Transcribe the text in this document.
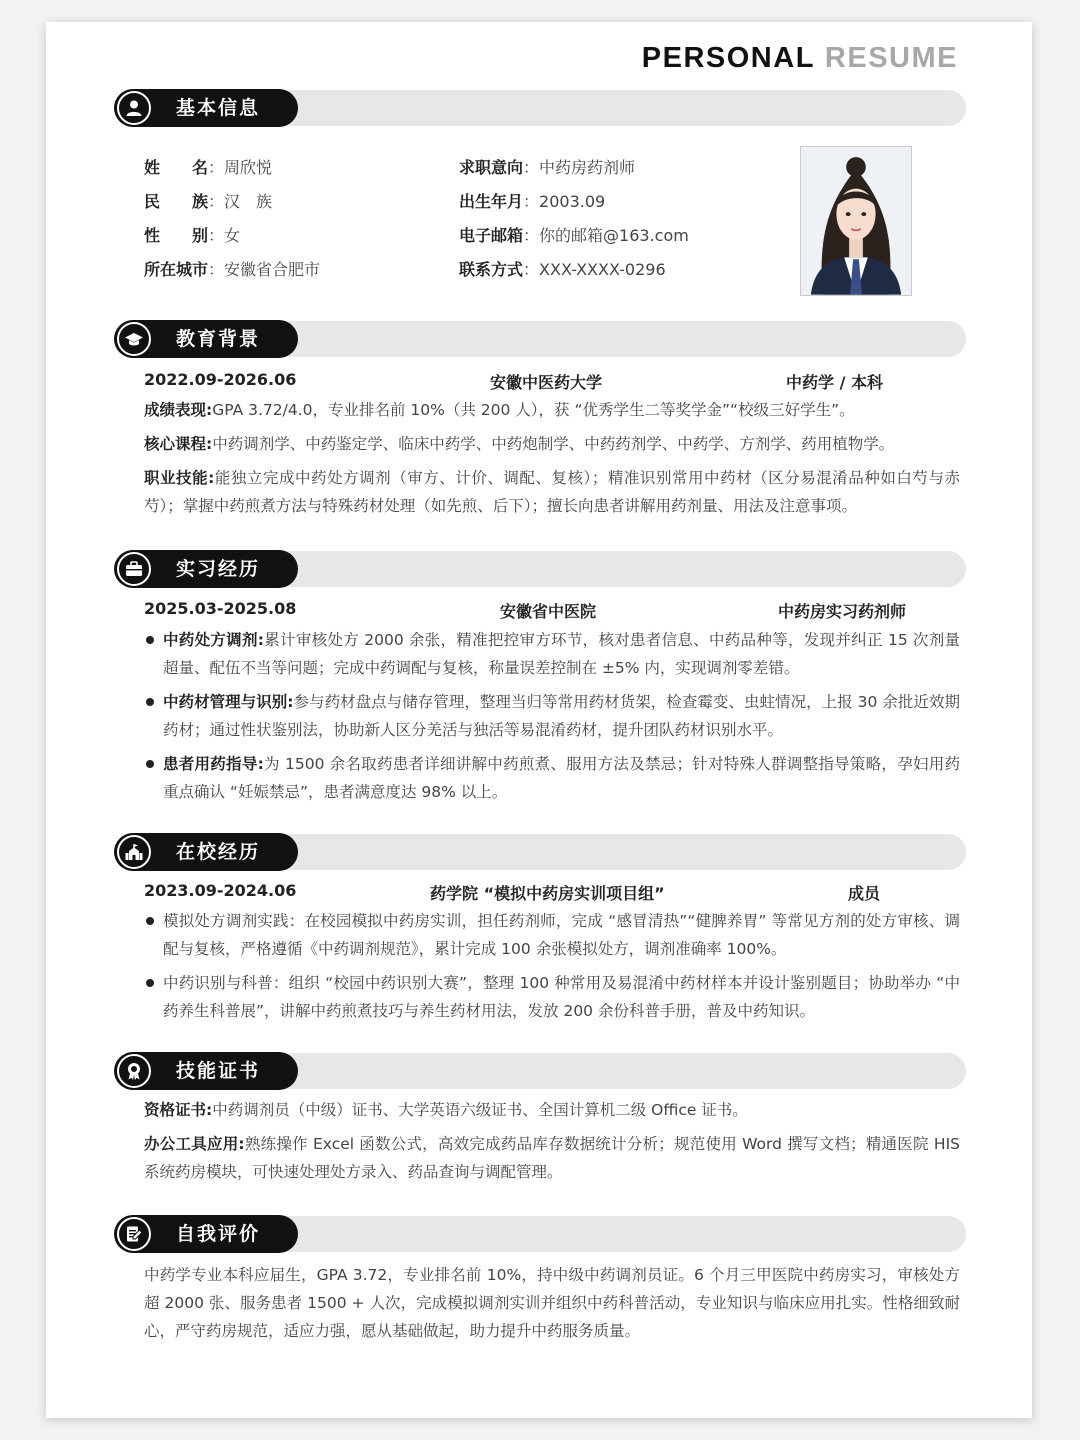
PERSONAL RESUME
基本信息
姓　　名：周欣悦
民　　族：汉　族
性　　别：女
所在城市：安徽省合肥市
求职意向：中药房药剂师
出生年月：2003.09
电子邮箱：你的邮箱@163.com
联系方式：XXX-XXXX-0296
教育背景
2022.09-2026.06	安徽中医药大学	中药学 / 本科
成绩表现:GPA 3.72/4.0，专业排名前 10%（共 200 人），获 “优秀学生二等奖学金”“校级三好学生”。
核心课程:中药调剂学、中药鉴定学、临床中药学、中药炮制学、中药药剂学、中药学、方剂学、药用植物学。
职业技能:能独立完成中药处方调剂（审方、计价、调配、复核）；精准识别常用中药材（区分易混淆品种如白芍与赤芍）；掌握中药煎煮方法与特殊药材处理（如先煎、后下）；擅长向患者讲解用药剂量、用法及注意事项。
实习经历
2025.03-2025.08	安徽省中医院	中药房实习药剂师
中药处方调剂:累计审核处方 2000 余张，精准把控审方环节，核对患者信息、中药品种等，发现并纠正 15 次剂量超量、配伍不当等问题；完成中药调配与复核，称量误差控制在 ±5% 内，实现调剂零差错。
中药材管理与识别:参与药材盘点与储存管理，整理当归等常用药材货架，检查霉变、虫蛀情况，上报 30 余批近效期药材；通过性状鉴别法，协助新人区分羌活与独活等易混淆药材，提升团队药材识别水平。
患者用药指导:为 1500 余名取药患者详细讲解中药煎煮、服用方法及禁忌；针对特殊人群调整指导策略，孕妇用药重点确认 “妊娠禁忌”，患者满意度达 98% 以上。
在校经历
2023.09-2024.06	药学院 “模拟中药房实训项目组”	成员
模拟处方调剂实践：在校园模拟中药房实训，担任药剂师，完成 “感冒清热”“健脾养胃” 等常见方剂的处方审核、调配与复核，严格遵循《中药调剂规范》，累计完成 100 余张模拟处方，调剂准确率 100%。
中药识别与科普：组织 “校园中药识别大赛”，整理 100 种常用及易混淆中药材样本并设计鉴别题目；协助举办 “中药养生科普展”，讲解中药煎煮技巧与养生药材用法，发放 200 余份科普手册，普及中药知识。
技能证书
资格证书:中药调剂员（中级）证书、大学英语六级证书、全国计算机二级 Office 证书。
办公工具应用:熟练操作 Excel 函数公式，高效完成药品库存数据统计分析；规范使用 Word 撰写文档；精通医院 HIS 系统药房模块，可快速处理处方录入、药品查询与调配管理。
自我评价
中药学专业本科应届生，GPA 3.72，专业排名前 10%，持中级中药调剂员证。6 个月三甲医院中药房实习，审核处方超 2000 张、服务患者 1500 + 人次，完成模拟调剂实训并组织中药科普活动，专业知识与临床应用扎实。性格细致耐心，严守药房规范，适应力强，愿从基础做起，助力提升中药服务质量。
